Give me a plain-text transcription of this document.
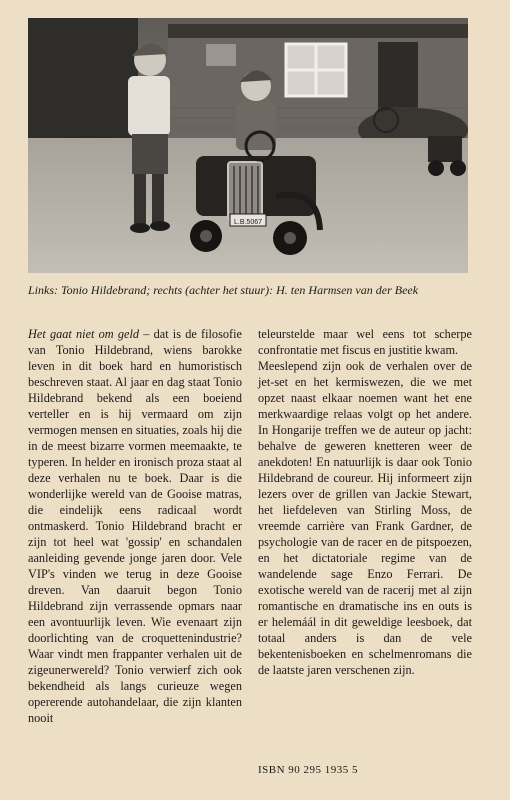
L.B.5067

Links: Tonio Hildebrand; rechts (achter het stuur): H. ten Harmsen van der Beek

Het gaat niet om geld – dat is de filosofie van Tonio Hildebrand, wiens barokke leven in dit boek hard en humoristisch beschreven staat. Al jaar en dag staat Tonio Hildebrand bekend als een boeiend verteller en is hij vermaard om zijn vermogen mensen en situaties, zoals hij die in de meest bizarre vormen meemaakte, te typeren. In helder en ironisch proza staat al deze verhalen nu te boek. Daar is die wonderlijke wereld van de Gooise matras, die eindelijk eens radicaal wordt ontmaskerd. Tonio Hildebrand bracht er zijn tot heel wat 'gossip' en schandalen aanleiding gevende jonge jaren door. Vele VIP's vinden we terug in deze Gooise dreven. Van daaruit begon Tonio Hildebrand zijn verrassende opmars naar een avontuurlijk leven. Wie evenaart zijn doorlichting van de croquettenindustrie? Waar vindt men frappanter verhalen uit de zigeunerwereld? Tonio verwierf zich ook bekendheid als langs curieuze wegen opererende autohandelaar, die zijn klanten nooit

teleurstelde maar wel eens tot scherpe confrontatie met fiscus en justitie kwam.

Meeslepend zijn ook de verhalen over de jet-set en het kermiswezen, die we met opzet naast elkaar noemen want het ene merkwaardige relaas volgt op het andere. In Hongarije treffen we de auteur op jacht: behalve de geweren knetteren weer de anekdoten! En natuurlijk is daar ook Tonio Hildebrand de coureur. Hij informeert zijn lezers over de grillen van Jackie Stewart, het liefdeleven van Stirling Moss, de vreemde carrière van Frank Gardner, de psychologie van de racer en de pitspoezen, en het dictatoriale regime van de wandelende sage Enzo Ferrari. De exotische wereld van de racerij met al zijn romantische en dramatische ins en outs is er helemáál in dit geweldige leesboek, dat totaal anders is dan de vele bekentenisboeken en schelmenromans die de laatste jaren verschenen zijn.

ISBN 90 295 1935 5
